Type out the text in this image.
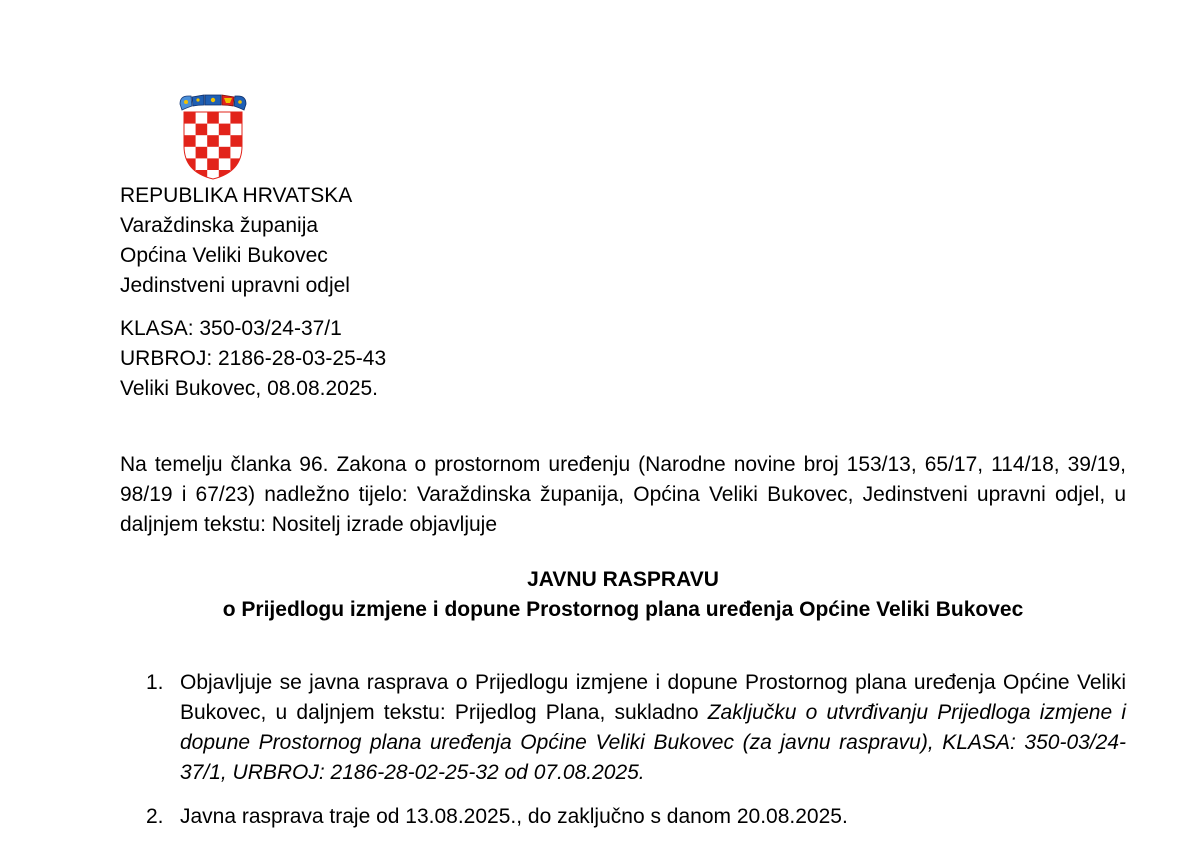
REPUBLIKA HRVATSKA
Varaždinska županija
Općina Veliki Bukovec
Jedinstveni upravni odjel
KLASA: 350-03/24-37/1
URBROJ: 2186-28-03-25-43
Veliki Bukovec, 08.08.2025.
Na temelju članka 96. Zakona o prostornom uređenju (Narodne novine broj 153/13, 65/17, 114/18, 39/19, 98/19 i 67/23) nadležno tijelo: Varaždinska županija, Općina Veliki Bukovec, Jedinstveni upravni odjel, u daljnjem tekstu: Nositelj izrade objavljuje
JAVNU RASPRAVU
o Prijedlogu izmjene i dopune Prostornog plana uređenja Općine Veliki Bukovec
1. Objavljuje se javna rasprava o Prijedlogu izmjene i dopune Prostornog plana uređenja Općine Veliki Bukovec, u daljnjem tekstu: Prijedlog Plana, sukladno Zaključku o utvrđivanju Prijedloga izmjene i dopune Prostornog plana uređenja Općine Veliki Bukovec (za javnu raspravu), KLASA: 350-03/24-37/1, URBROJ: 2186-28-02-25-32 od 07.08.2025.
2. Javna rasprava traje od 13.08.2025., do zaključno s danom 20.08.2025.
